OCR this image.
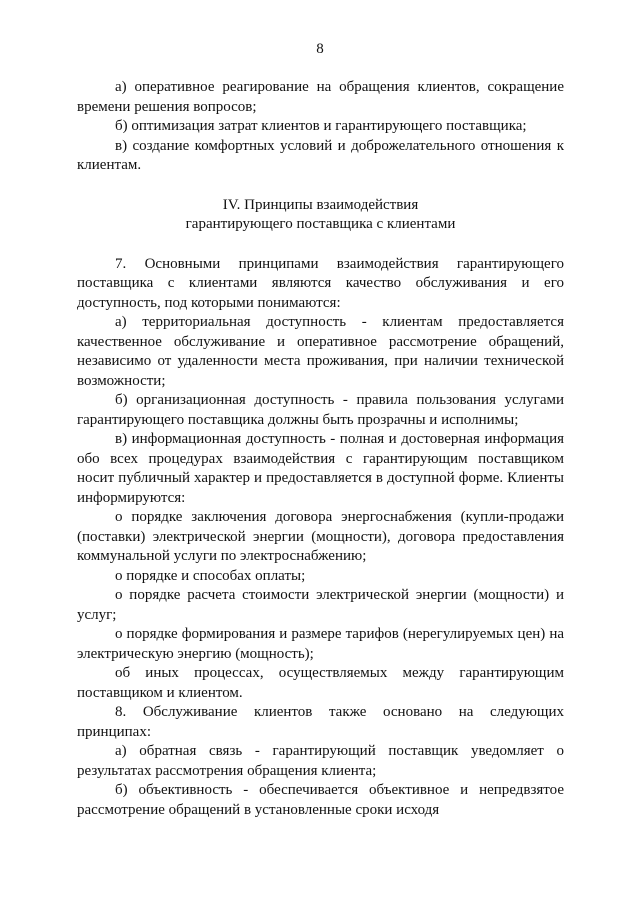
8

а) оперативное реагирование на обращения клиентов, сокращение времени решения вопросов;

б) оптимизация затрат клиентов и гарантирующего поставщика;

в) создание комфортных условий и доброжелательного отношения к клиентам.

IV. Принципы взаимодействия

гарантирующего поставщика с клиентами

7. Основными принципами взаимодействия гарантирующего поставщика с клиентами являются качество обслуживания и его доступность, под которыми понимаются:

а) территориальная доступность - клиентам предоставляется качественное обслуживание и оперативное рассмотрение обращений, независимо от удаленности места проживания, при наличии технической возможности;

б) организационная доступность - правила пользования услугами гарантирующего поставщика должны быть прозрачны и исполнимы;

в) информационная доступность - полная и достоверная информация обо всех процедурах взаимодействия с гарантирующим поставщиком носит публичный характер и предоставляется в доступной форме. Клиенты информируются:

о порядке заключения договора энергоснабжения (купли-продажи (поставки) электрической энергии (мощности), договора предоставления коммунальной услуги по электроснабжению;

о порядке и способах оплаты;

о порядке расчета стоимости электрической энергии (мощности) и услуг;

о порядке формирования и размере тарифов (нерегулируемых цен) на электрическую энергию (мощность);

об иных процессах, осуществляемых между гарантирующим поставщиком и клиентом.

8. Обслуживание клиентов также основано на следующих принципах:

а) обратная связь - гарантирующий поставщик уведомляет о результатах рассмотрения обращения клиента;

б) объективность - обеспечивается объективное и непредвзятое рассмотрение обращений в установленные сроки исходя
